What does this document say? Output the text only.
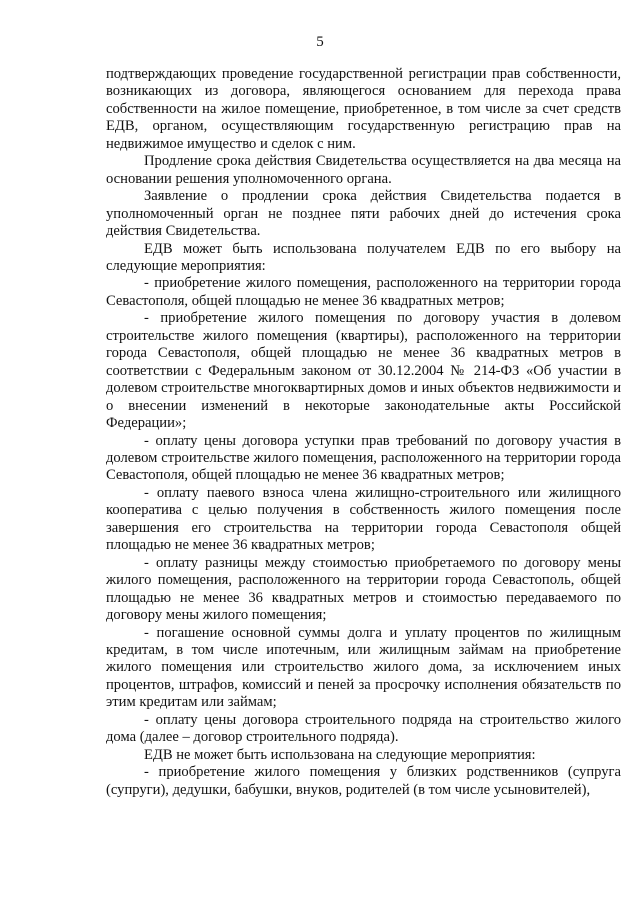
5

подтверждающих проведение государственной регистрации прав собственности, возникающих из договора, являющегося основанием для перехода права собственности на жилое помещение, приобретенное, в том числе за счет средств ЕДВ, органом, осуществляющим государственную регистрацию прав на недвижимое имущество и сделок с ним.

Продление срока действия Свидетельства осуществляется на два месяца на основании решения уполномоченного органа.

Заявление о продлении срока действия Свидетельства подается в уполномоченный орган не позднее пяти рабочих дней до истечения срока действия Свидетельства.

ЕДВ может быть использована получателем ЕДВ по его выбору на следующие мероприятия:

- приобретение жилого помещения, расположенного на территории города Севастополя, общей площадью не менее 36 квадратных метров;

- приобретение жилого помещения по договору участия в долевом строительстве жилого помещения (квартиры), расположенного на территории города Севастополя, общей площадью не менее 36 квадратных метров в соответствии с Федеральным законом от 30.12.2004 № 214-ФЗ «Об участии в долевом строительстве многоквартирных домов и иных объектов недвижимости и о внесении изменений в некоторые законодательные акты Российской Федерации»;

- оплату цены договора уступки прав требований по договору участия в долевом строительстве жилого помещения, расположенного на территории города Севастополя, общей площадью не менее 36 квадратных метров;

- оплату паевого взноса члена жилищно-строительного или жилищного кооператива с целью получения в собственность жилого помещения после завершения его строительства на территории города Севастополя общей площадью не менее 36 квадратных метров;

- оплату разницы между стоимостью приобретаемого по договору мены жилого помещения, расположенного на территории города Севастополь, общей площадью не менее 36 квадратных метров и стоимостью передаваемого по договору мены жилого помещения;

- погашение основной суммы долга и уплату процентов по жилищным кредитам, в том числе ипотечным, или жилищным займам на приобретение жилого помещения или строительство жилого дома, за исключением иных процентов, штрафов, комиссий и пеней за просрочку исполнения обязательств по этим кредитам или займам;

- оплату цены договора строительного подряда на строительство жилого дома (далее – договор строительного подряда).

ЕДВ не может быть использована на следующие мероприятия:

- приобретение жилого помещения у близких родственников (супруга (супруги), дедушки, бабушки, внуков, родителей (в том числе усыновителей),
